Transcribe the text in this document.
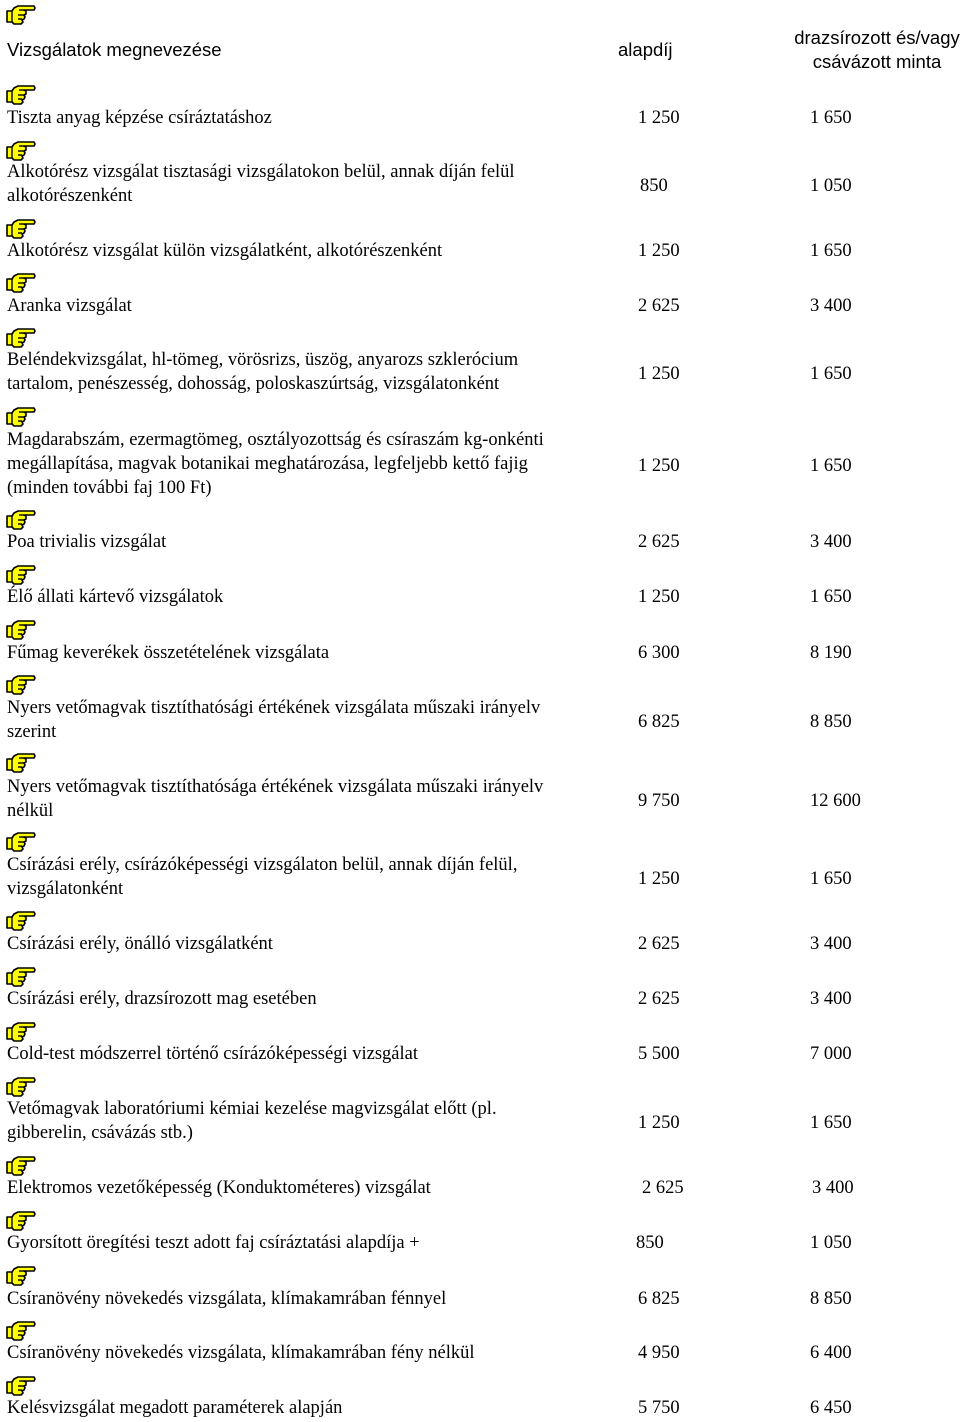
Vizsgálatok megnevezése	alapdíj
drazsírozott és/vagy
csávázott minta
Tiszta anyag képzése csíráztatáshoz	1 250	1 650
Alkotórész vizsgálat tisztasági vizsgálatokon belül, annak díján felül
alkotórészenként	850	1 050
Alkotórész vizsgálat külön vizsgálatként, alkotórészenként	1 250	1 650
Aranka vizsgálat	2 625	3 400
Beléndekvizsgálat, hl-tömeg, vörösrizs, üszög, anyarozs szklerócium
tartalom, penészesség, dohosság, poloskaszúrtság, vizsgálatonként	1 250	1 650
Magdarabszám, ezermagtömeg, osztályozottság és csíraszám kg-onkénti
megállapítása, magvak botanikai meghatározása, legfeljebb kettő fajig
(minden további faj 100 Ft)
1 250	1 650
Poa trivialis vizsgálat	2 625	3 400
Élő állati kártevő vizsgálatok	1 250	1 650
Fűmag keverékek összetételének vizsgálata	6 300	8 190
Nyers vetőmagvak tisztíthatósági értékének vizsgálata műszaki irányelv
szerint	6 825	8 850
Nyers vetőmagvak tisztíthatósága értékének vizsgálata műszaki irányelv
nélkül	9 750	12 600
Csírázási erély, csírázóképességi vizsgálaton belül, annak díján felül,
vizsgálatonként	1 250	1 650
Csírázási erély, önálló vizsgálatként	2 625	3 400
Csírázási erély, drazsírozott mag esetében	2 625	3 400
Cold-test módszerrel történő csírázóképességi vizsgálat	5 500	7 000
Vetőmagvak laboratóriumi kémiai kezelése magvizsgálat előtt (pl.
gibberelin, csávázás stb.)	1 250	1 650
Elektromos vezetőképesség (Konduktométeres) vizsgálat	2 625	3 400
Gyorsított öregítési teszt adott faj csíráztatási alapdíja +	850	1 050
Csíranövény növekedés vizsgálata, klímakamrában fénnyel	6 825	8 850
Csíranövény növekedés vizsgálata, klímakamrában fény nélkül	4 950	6 400
Kelésvizsgálat megadott paraméterek alapján	5 750	6 450
